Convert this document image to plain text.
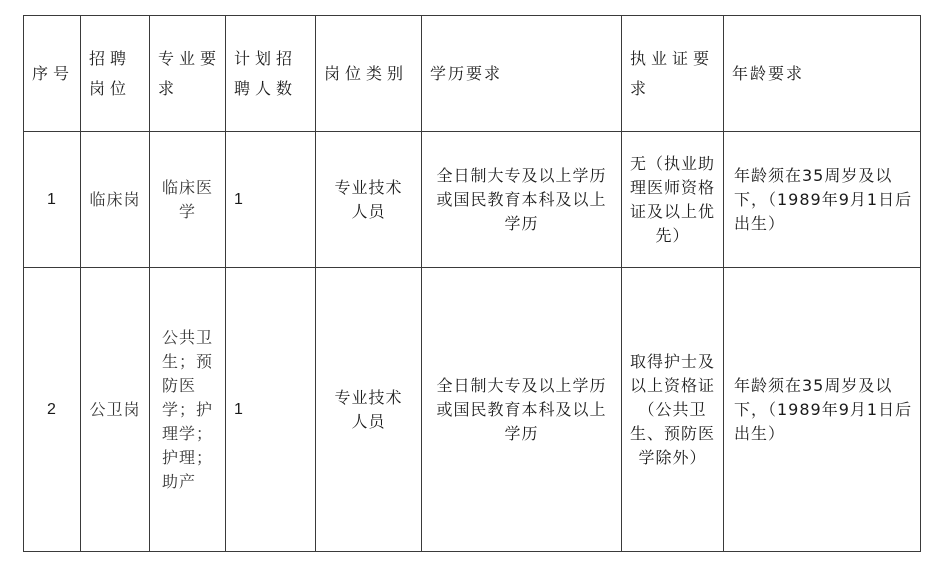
序号	招聘岗位	专业要求	计划招聘人数	岗位类别	学历要求	执业证要求	年龄要求
1	临床岗	临床医学	1	专业技术人员	全日制大专及以上学历或国民教育本科及以上学历	无（执业助理医师资格证及以上优先）	年龄须在35周岁及以下，（1989年9月1日后出生）
2	公卫岗	公共卫生；预防医学；护理学；护理；助产	1	专业技术人员	全日制大专及以上学历或国民教育本科及以上学历	取得护士及以上资格证（公共卫生、预防医学除外）	年龄须在35周岁及以下，（1989年9月1日后出生）
